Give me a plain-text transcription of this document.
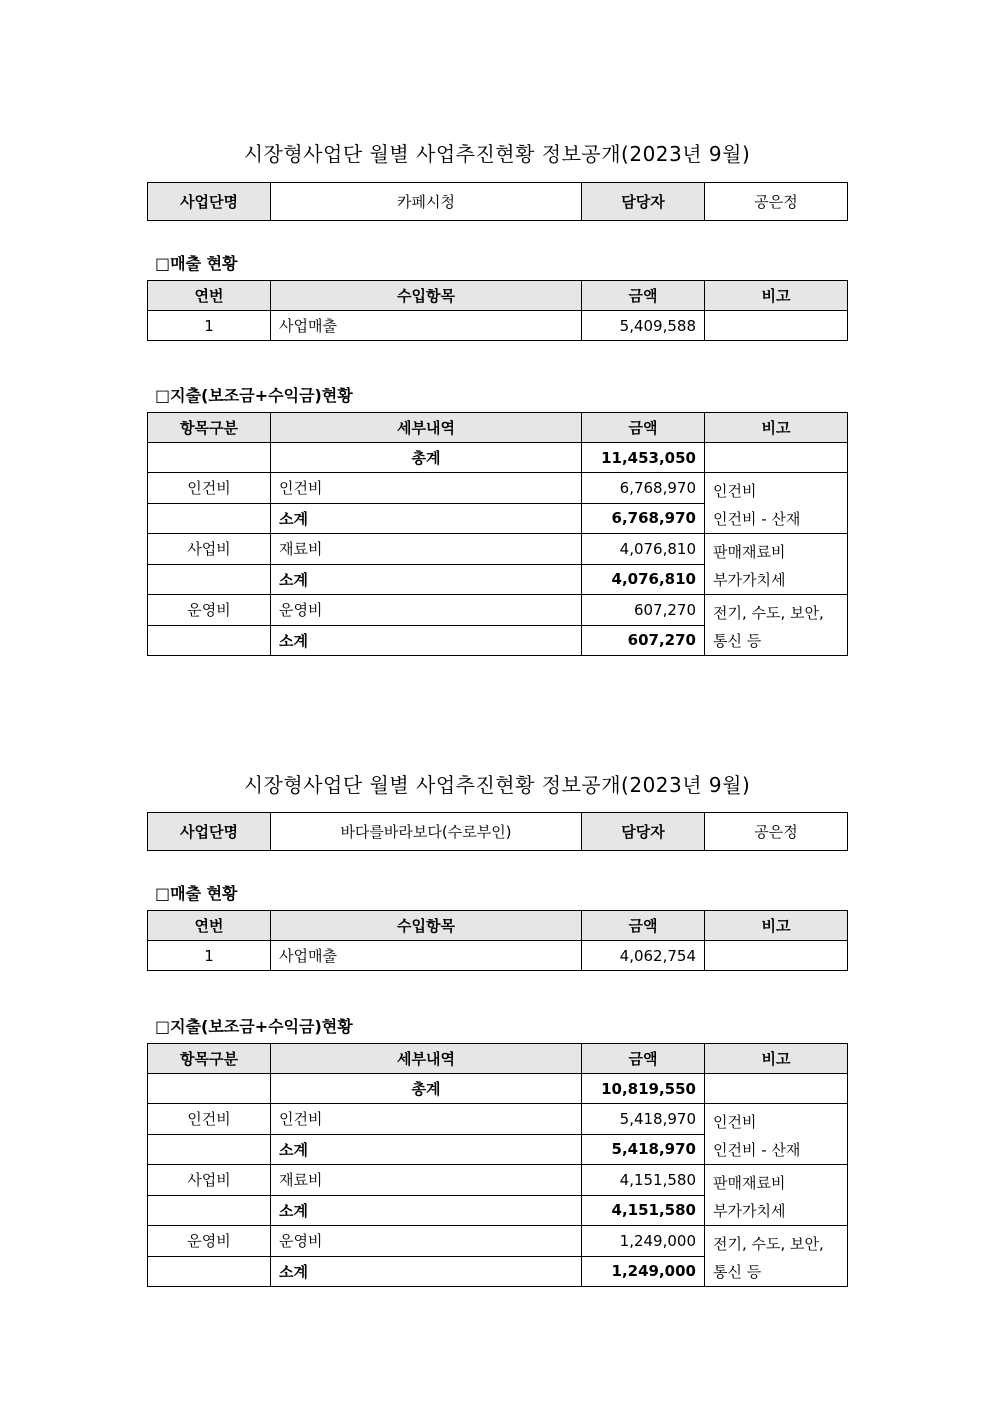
시장형사업단 월별 사업추진현황 정보공개(2023년 9월)
사업단명	카페시청	담당자	공은정
□매출 현황
연번	수입항목	금액	비고
1	사업매출	5,409,588	
□지출(보조금+수익금)현황
항목구분	세부내역	금액	비고
	총계	11,453,050	
인건비	인건비	6,768,970	인건비
인건비 - 산재
	소계	6,768,970	
사업비	재료비	4,076,810	판매재료비
부가가치세
	소계	4,076,810	
운영비	운영비	607,270	전기, 수도, 보안,
통신 등
	소계	607,270	
시장형사업단 월별 사업추진현황 정보공개(2023년 9월)
사업단명	바다를바라보다(수로부인)	담당자	공은정
□매출 현황
연번	수입항목	금액	비고
1	사업매출	4,062,754	
□지출(보조금+수익금)현황
항목구분	세부내역	금액	비고
	총계	10,819,550	
인건비	인건비	5,418,970	인건비
인건비 - 산재
	소계	5,418,970	
사업비	재료비	4,151,580	판매재료비
부가가치세
	소계	4,151,580	
운영비	운영비	1,249,000	전기, 수도, 보안,
통신 등
	소계	1,249,000	
